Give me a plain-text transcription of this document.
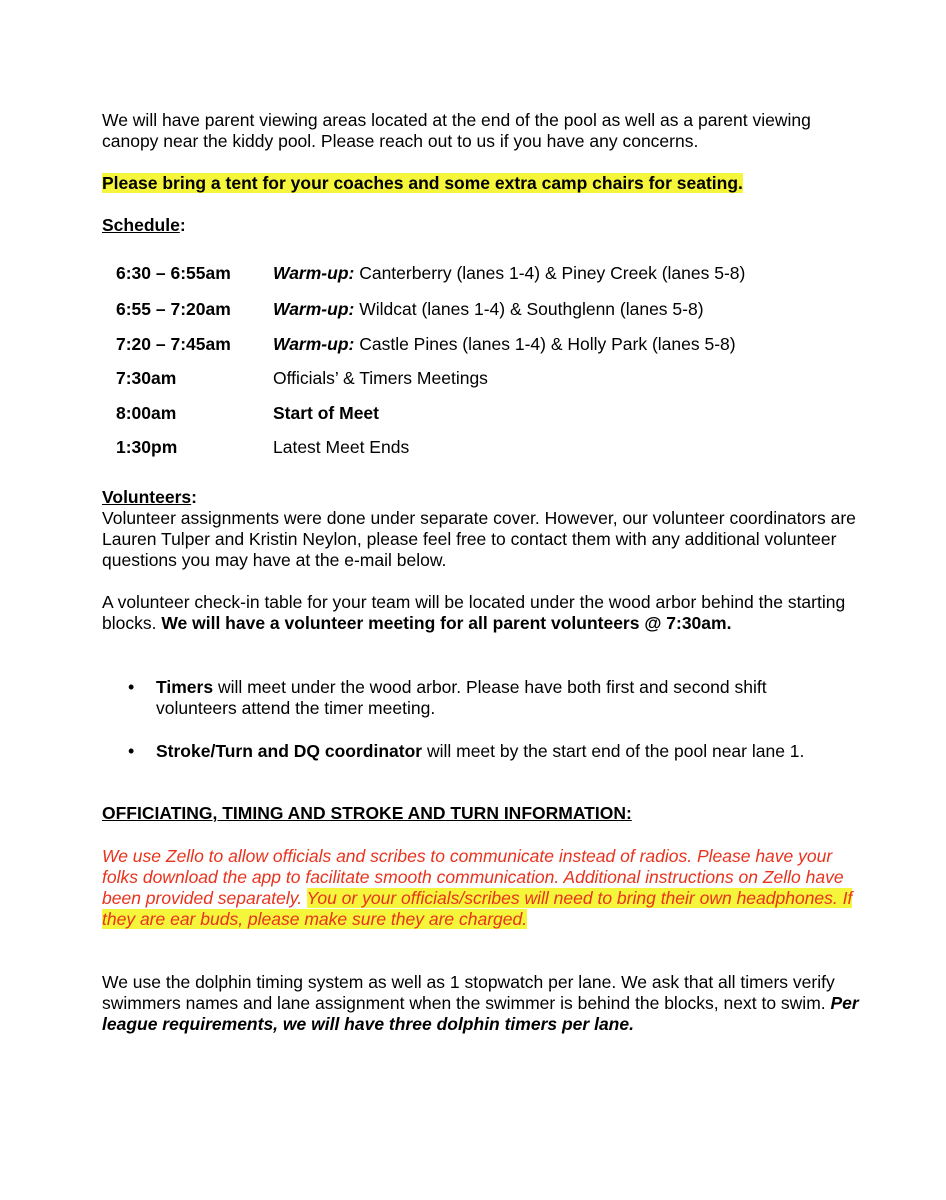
We will have parent viewing areas located at the end of the pool as well as a parent viewing canopy near the kiddy pool. Please reach out to us if you have any concerns.

Please bring a tent for your coaches and some extra camp chairs for seating.

Schedule:

6:30 – 6:55am Warm-up: Canterberry (lanes 1-4) & Piney Creek (lanes 5-8)
6:55 – 7:20am Warm-up: Wildcat (lanes 1-4) & Southglenn (lanes 5-8)
7:20 – 7:45am Warm-up: Castle Pines (lanes 1-4) & Holly Park (lanes 5-8)
7:30am	Officials’ & Timers Meetings
8:00am	Start of Meet
1:30pm	Latest Meet Ends

Volunteers:
Volunteer assignments were done under separate cover. However, our volunteer coordinators are Lauren Tulper and Kristin Neylon, please feel free to contact them with any additional volunteer questions you may have at the e-mail below.

A volunteer check-in table for your team will be located under the wood arbor behind the starting blocks. We will have a volunteer meeting for all parent volunteers @ 7:30am.

• Timers will meet under the wood arbor. Please have both first and second shift volunteers attend the timer meeting.
• Stroke/Turn and DQ coordinator will meet by the start end of the pool near lane 1.

OFFICIATING, TIMING AND STROKE AND TURN INFORMATION:

We use Zello to allow officials and scribes to communicate instead of radios. Please have your folks download the app to facilitate smooth communication. Additional instructions on Zello have been provided separately. You or your officials/scribes will need to bring their own headphones. If they are ear buds, please make sure they are charged.

We use the dolphin timing system as well as 1 stopwatch per lane. We ask that all timers verify swimmers names and lane assignment when the swimmer is behind the blocks, next to swim. Per league requirements, we will have three dolphin timers per lane.
